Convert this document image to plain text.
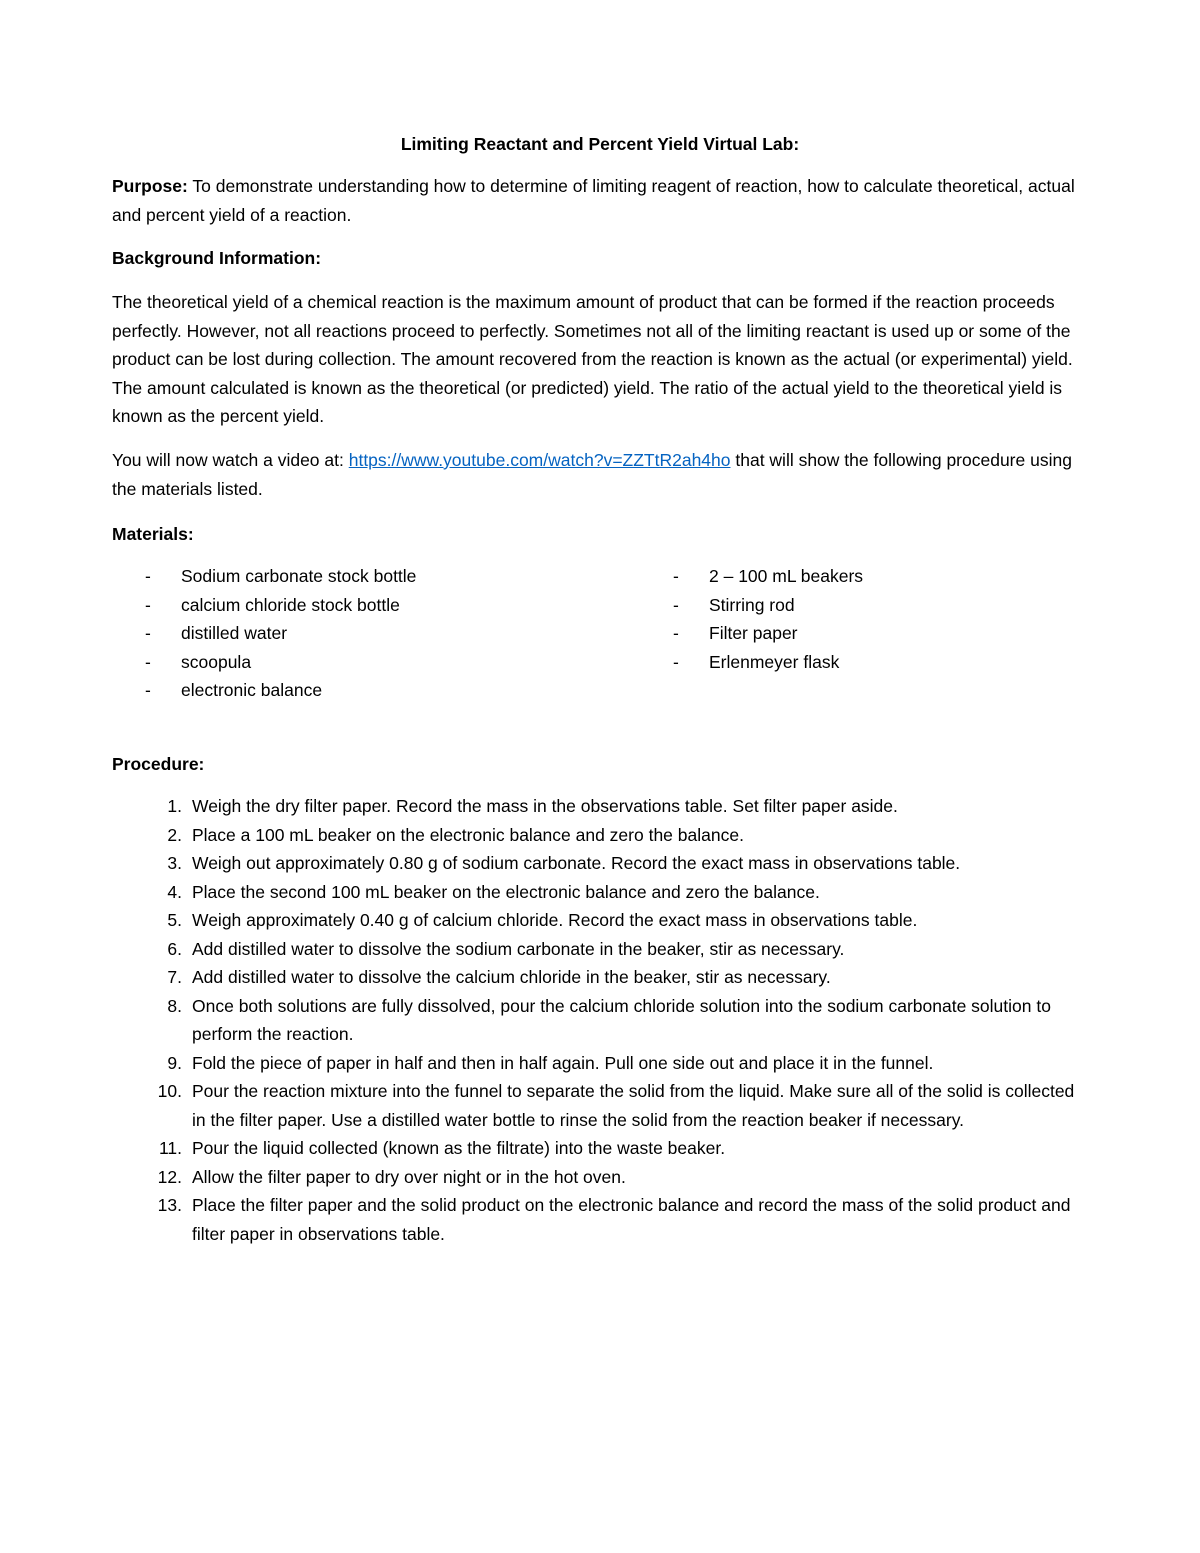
Limiting Reactant and Percent Yield Virtual Lab:

Purpose: To demonstrate understanding how to determine of limiting reagent of reaction, how to calculate theoretical, actual and percent yield of a reaction.

Background Information:

The theoretical yield of a chemical reaction is the maximum amount of product that can be formed if the reaction proceeds perfectly. However, not all reactions proceed to perfectly. Sometimes not all of the limiting reactant is used up or some of the product can be lost during collection. The amount recovered from the reaction is known as the actual (or experimental) yield. The amount calculated is known as the theoretical (or predicted) yield. The ratio of the actual yield to the theoretical yield is known as the percent yield.

You will now watch a video at: https://www.youtube.com/watch?v=ZZTtR2ah4ho that will show the following procedure using the materials listed.

Materials:

-	Sodium carbonate stock bottle
-	calcium chloride stock bottle
-	distilled water
-	scoopula
-	electronic balance
-	2 – 100 mL beakers
-	Stirring rod
-	Filter paper
-	Erlenmeyer flask

Procedure:

1. Weigh the dry filter paper. Record the mass in the observations table. Set filter paper aside.
2. Place a 100 mL beaker on the electronic balance and zero the balance.
3. Weigh out approximately 0.80 g of sodium carbonate. Record the exact mass in observations table.
4. Place the second 100 mL beaker on the electronic balance and zero the balance.
5. Weigh approximately 0.40 g of calcium chloride. Record the exact mass in observations table.
6. Add distilled water to dissolve the sodium carbonate in the beaker, stir as necessary.
7. Add distilled water to dissolve the calcium chloride in the beaker, stir as necessary.
8. Once both solutions are fully dissolved, pour the calcium chloride solution into the sodium carbonate solution to perform the reaction.
9. Fold the piece of paper in half and then in half again. Pull one side out and place it in the funnel.
10. Pour the reaction mixture into the funnel to separate the solid from the liquid. Make sure all of the solid is collected in the filter paper. Use a distilled water bottle to rinse the solid from the reaction beaker if necessary.
11. Pour the liquid collected (known as the filtrate) into the waste beaker.
12. Allow the filter paper to dry over night or in the hot oven.
13. Place the filter paper and the solid product on the electronic balance and record the mass of the solid product and filter paper in observations table.
